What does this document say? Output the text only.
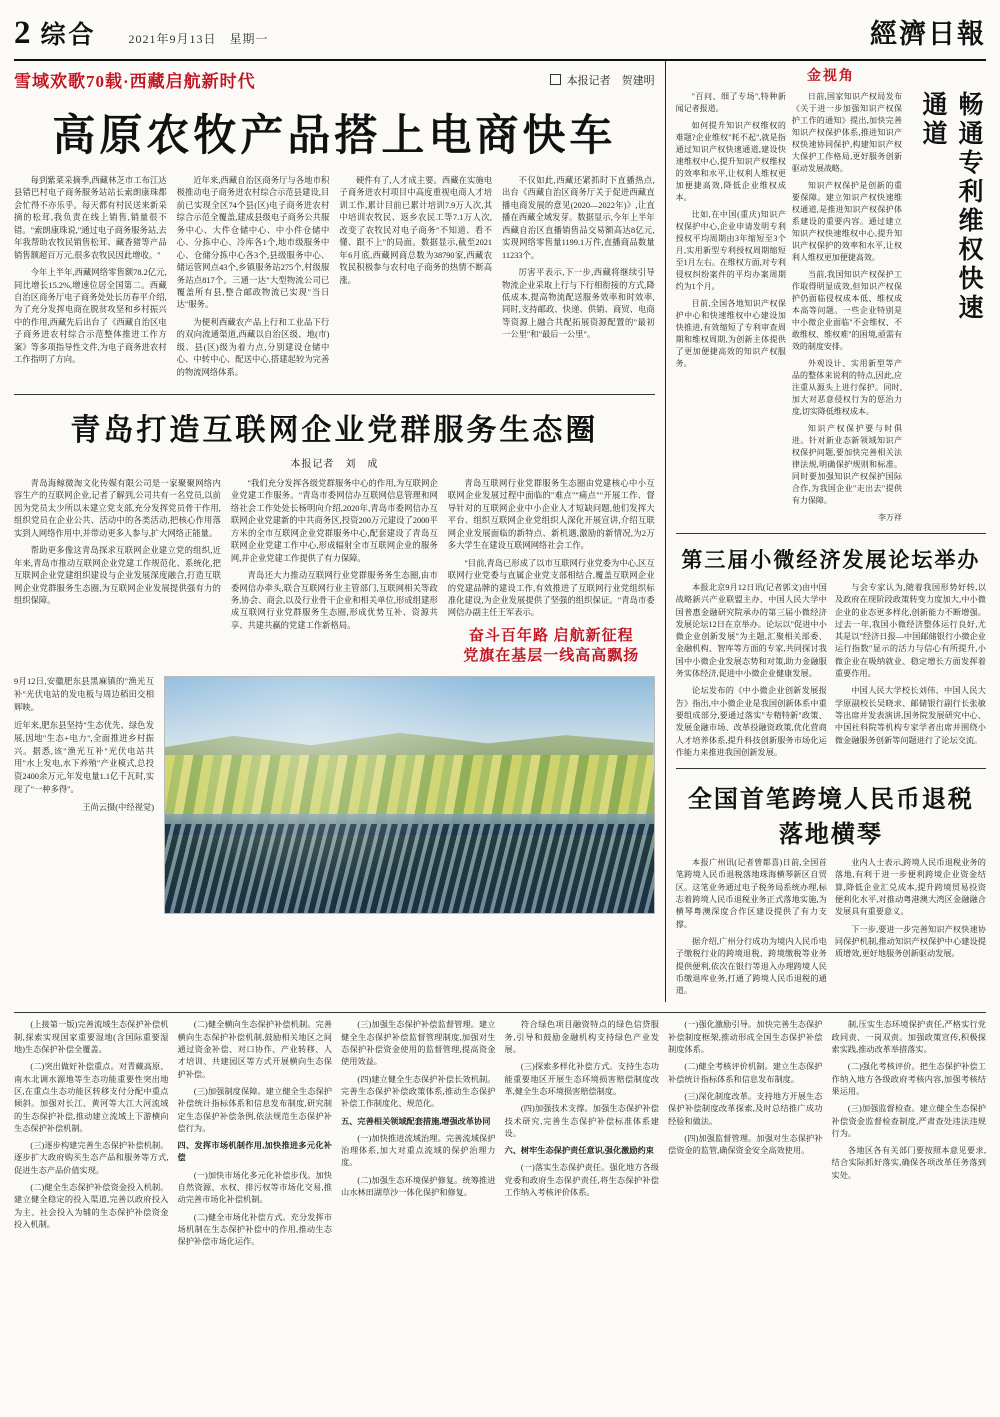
2 综合	2021年9月13日　星期一	經濟日報
雪域欢歌70载·西藏启航新时代	本报记者　贺建明
高原农牧产品搭上电商快车

每到紫菜采摘季,西藏林芝市工布江达县错巴村电子商务服务站站长索朗康珠都会忙得不亦乐乎。每天都有村民送来新采摘的松茸,我负责在线上销售,销量很不错。"索朗康珠说,"通过电子商务服务站,去年我帮助农牧民销售松茸、藏香猪等产品销售额超百万元,很多农牧民因此增收。"

今年上半年,西藏网络零售额78.2亿元,同比增长15.2%,增速位居全国第二。西藏自治区商务厅电子商务处处长历春平介绍,为了充分发挥电商在脱贫攻坚和乡村振兴中的作用,西藏先后出台了《西藏自治区电子商务进农村综合示范整体推进工作方案》等多项指导性文件,为电子商务进农村工作指明了方向。

近年来,西藏自治区商务厅与各地市积极推动电子商务进农村综合示范县建设,目前已实现全区74个县(区)电子商务进农村综合示范全覆盖,建成县级电子商务公共服务中心、大件仓储中心、中小件仓储中心、分拣中心、冷库各1个,地市级服务中心、仓储分拣中心各3个,县级服务中心、储运管网点43个,乡镇服务站275个,村级服务站点817个。三通一达"大型物流公司已覆盖所有县,整合邮政物流已实现"当日达"服务。

为便利西藏农产品上行和工业品下行的双向流通渠道,西藏以自治区级、地(市)级、县(区)级为着力点,分别建设仓储中心、中转中心、配送中心,搭建起较为完善的物流网络体系。

硬件有了,人才成主要。西藏在实施电子商务进农村项目中高度重视电商人才培训工作,累计目前已累计培训7.9万人次,其中培训农牧民、返乡农民工等7.1万人次,改变了农牧民对电子商务"不知道、看不懂、跟不上"的局面。数据显示,截至2021年6月底,西藏网商总数为38790家,西藏农牧民积极参与农村电子商务的热情不断高涨。

不仅如此,西藏还紧抓时下直播热点,出台《西藏自治区商务厅关于促进西藏直播电商发展的意见(2020—2022年)》,让直播在西藏全域发芽。数据显示,今年上半年西藏自治区直播销售品交易额高达8亿元,实现网络零售量1199.1万件,直播商品数量11233个。

厉害平表示,下一步,西藏将继续引导物流企业采取上行与下行相衔接的方式,降低成本,提高物流配送服务效率和时效率,同时,支持邮政、快递、供销、商贸、电商等资源上融合共配拓展资源配置的"最初一公里"和"最后一公里"。

青岛打造互联网企业党群服务生态圈
本报记者　刘　成

青岛海鲸微淘文化传媒有限公司是一家聚聚网络内容生产的互联网企业,记者了解到,公司共有一名党员,以前因为党员太少所以未建立党支部,充分发挥党员骨干作用,组织党员在企业公共、活动中的各类活动,把核心作用落实到人网络作用中,并带动更多人参与,扩大网络正能量。

帮助更多像这青岛探求互联网企业建立党的组织,近年来,青岛市推动互联网企业党建工作规范化、系统化,把互联网企业党建组织建设与企业发展深度融合,打造互联网企业党群服务生态圈,为互联网企业发展提供强有力的组织保障。

"我们充分发挥各级党群服务中心的作用,为互联网企业党建工作服务。"青岛市委网信办互联网信息管理和网络社会工作处处长杨明向介绍,2020年,青岛市委网信办互联网企业党建新的中共商务区,投资200万元建设了2000平方米的全市互联网企业党群服务中心,配套建设了青岛互联网企业党建工作中心,形成辐射全市互联网企业的服务网,并企业党建工作提供了有力保障。

青岛还大力推动互联网行业党群服务务生态圈,由市委网信办牵头,联合互联网行业主管部门,互联网相关等政务,协会、商会,以及行业骨干企业和相关单位,形成组建形成互联网行业党群服务生态圈,形成优势互补、资源共享、共建共赢的党建工作新格局。

青岛互联网行业党群服务生态圈由党建核心中小互联网企业发展过程中面临的"难点""痛点""开展工作、督导针对的互联网企业中小企业人才短缺问题,他们发挥大平台、组织互联网企业党组织人深化开展宣讲,介绍互联网企业发展面临的新特点、新机遇,激励的新情况,为2万多大学生在建设互联网网络社会工作。

"目前,青岛已形成了以市互联网行业党委为中心,区互联网行业党委与直属企业党支部相结合,覆盖互联网企业的党建品牌的建设工作,有效推进了互联网行业党组织标准化建设,为企业发展提供了坚强的组织保证。"青岛市委网信办副主任王军表示。

奋斗百年路 启航新征程
党旗在基层一线高高飘扬

9月12日,安徽肥东县黑麻镇的"渔光互补"光伏电站的发电板与周边稻田交相辉映。

近年来,肥东县坚持"生态优先、绿色发展,因地"生态+电力",全面推进乡村振兴。据悉,该"渔光互补"光伏电站共用"水上发电,水下养殖"产业模式,总投资2400余万元,年发电量1.1亿千瓦时,实现了"一种多得"。

王尚云摄(中经视觉)

金视角

"百问、细了专场",特种新闻记者报道。

如何提升知识产权维权的难题?企业维权"耗不起",就是指通过知识产权快速通道,建设快速维权中心,提升知识产权维权的效率和水平,让权利人维权更加便捷高效,降低企业维权成本。

比如,在中国(重庆)知识产权保护中心,企业申请发明专利授权平均周期由3年缩短至3个月,实用新型专利授权周期缩短至1月左右。在维权方面,对专利侵权纠纷案件的平均办案周期约为1个月。

目前,全国各地知识产权保护中心和快速维权中心建设加快推进,有效缩短了专利审查周期和维权周期,为创新主体提供了更加便捷高效的知识产权服务。

日前,国家知识产权局发布《关于进一步加强知识产权保护工作的通知》提出,加快完善知识产权保护体系,推进知识产权快速协同保护,构建知识产权大保护工作格局,更好服务创新驱动发展战略。

知识产权保护是创新的重要保障。建立知识产权快速维权通道,是推进知识产权保护体系建设的重要内容。通过建立知识产权快速维权中心,提升知识产权保护的效率和水平,让权利人维权更加便捷高效。

当前,我国知识产权保护工作取得明显成效,但知识产权保护仍面临侵权成本低、维权成本高等问题。一些企业特别是中小微企业面临"不会维权、不敢维权、维权难"的困境,亟需有效的制度安排。

外观设计、实用新型等产品的整体来说利的特点,因此,应注重从源头上进行保护。同时,加大对恶意侵权行为的惩治力度,切实降低维权成本。

知识产权保护要与时俱进。针对新业态新领域知识产权保护问题,要加快完善相关法律法规,明确保护规则和标准。同时要加强知识产权保护国际合作,为我国企业"走出去"提供有力保障。

李万祥

畅通专利维权快速通道
第三届小微经济发展论坛举办

本报北京9月12日讯(记者郭文)由中国战略新兴产业联盟主办、中国人民大学中国普惠金融研究院承办的第三届小微经济发展论坛12日在京举办。论坛以"促进中小微企业创新发展"为主题,汇聚相关部委、金融机构、智库等方面的专家,共同探讨我国中小微企业发展态势和对策,助力金融服务实体经济,促进中小微企业健康发展。

论坛发布的《中小微企业创新发展报告》指出,中小微企业是我国创新体系中重要组成部分,要通过落实"专精特新"政策、发展金融市场、改革投融资政策,优化营商人才培养体系,提升科技创新服务市场化运作能力来推进我国创新发展。

与会专家认为,随着我国形势好转,以及政府在现阶段政策转变力度加大,中小微企业的业态更多样化,创新能力不断增强。过去一年,我国小微经济整体运行良好,尤其是以"经济日报—中国邮储银行小微企业运行指数"显示的活力与信心有所提升,小微企业在吸纳就业、稳定增长方面发挥着重要作用。

中国人民大学校长刘伟、中国人民大学原副校长吴晓求、邮储银行副行长张敏等出席并发表演讲,国务院发展研究中心、中国社科院等机构专家学者出席并围绕小微金融服务创新等问题进行了论坛交流。

全国首笔跨境人民币退税落地横琴

本报广州讯(记者曾都喜)日前,全国首笔跨境人民币退税落地珠海横琴新区自贸区。这笔业务通过电子税务局系统办理,标志着跨境人民币退税业务正式落地实施,为横琴粤澳深度合作区建设提供了有力支撑。

据介绍,广州分行成功为境内人民币电子缴税行业的跨境退税、跨境缴税等业务提供便利,依次在银行等退入办理跨境人民币缴退库业务,打通了跨境人民币退税的通道。

业内人士表示,跨境人民币退税业务的落地,有利于进一步便利跨境企业资金结算,降低企业汇兑成本,提升跨境贸易投资便利化水平,对推动粤港澳大湾区金融融合发展具有重要意义。

下一步,要进一步完善知识产权快速协同保护机制,推动知识产权保护中心建设提质增效,更好地服务创新驱动发展。

(上接第一版)完善流域生态保护补偿机制,探索实现国家重要湿地(含国际重要湿地)生态保护补偿全覆盖。

(二)突出做好补偿重点。对青藏高原、南水北调水源地等生态功能重要性突出地区,在重点生态功能区转移支付分配中重点倾斜。加强对长江、黄河等大江大河流域的生态保护补偿,推动建立流域上下游横向生态保护补偿机制。

(三)逐步构建完善生态保护补偿机制。逐步扩大政府购买生态产品和服务等方式,促进生态产品价值实现。

(二)健全生态保护补偿资金投入机制。建立健全稳定的投入渠道,完善以政府投入为主、社会投入为辅的生态保护补偿资金投入机制。

(二)健全横向生态保护补偿机制。完善横向生态保护补偿机制,鼓励相关地区之间通过资金补偿、对口协作、产业转移、人才培训、共建园区等方式开展横向生态保护补偿。

(三)加强制度保障。建立健全生态保护补偿统计指标体系和信息发布制度,研究制定生态保护补偿条例,依法规范生态保护补偿行为。

四、发挥市场机制作用,加快推进多元化补偿

(一)加快市场化多元化补偿步伐。加快自然资源、水权、排污权等市场化交易,推动完善市场化补偿机制。

(二)健全市场化补偿方式。充分发挥市场机制在生态保护补偿中的作用,推动生态保护补偿市场化运作。

(三)加强生态保护补偿监督管理。建立健全生态保护补偿监督管理制度,加强对生态保护补偿资金使用的监督管理,提高资金使用效益。

(四)建立健全生态保护补偿长效机制。完善生态保护补偿政策体系,推动生态保护补偿工作制度化、规范化。

五、完善相关领域配套措施,增强改革协同

(一)加快推进流域治理。完善流域保护治理体系,加大对重点流域的保护治理力度。

(二)加强生态环境保护修复。统筹推进山水林田湖草沙一体化保护和修复。

符合绿色项目融资特点的绿色信贷服务,引导和鼓励金融机构支持绿色产业发展。

(三)探索多样化补偿方式。支持生态功能重要地区开展生态环境损害赔偿制度改革,健全生态环境损害赔偿制度。

(四)加强技术支撑。加强生态保护补偿技术研究,完善生态保护补偿标准体系建设。

六、树牢生态保护责任意识,强化激励约束

(一)落实生态保护责任。强化地方各级党委和政府生态保护责任,将生态保护补偿工作纳入考核评价体系。

(一)强化激励引导。加快完善生态保护补偿制度框架,推动形成全国生态保护补偿制度体系。

(二)健全考核评价机制。建立生态保护补偿统计指标体系和信息发布制度。

(三)深化制度改革。支持地方开展生态保护补偿制度改革探索,及时总结推广成功经验和做法。

(四)加强监督管理。加强对生态保护补偿资金的监管,确保资金安全高效使用。

制,压实生态环境保护责任,严格实行党政同责、一岗双责。加强政策宣传,积极探索实践,推动改革举措落实。

(二)强化考核评价。把生态保护补偿工作纳入地方各级政府考核内容,加强考核结果运用。

(三)加强监督检查。建立健全生态保护补偿资金监督检查制度,严肃查处违法违规行为。

各地区各有关部门要按照本意见要求,结合实际抓好落实,确保各项改革任务落到实处。
